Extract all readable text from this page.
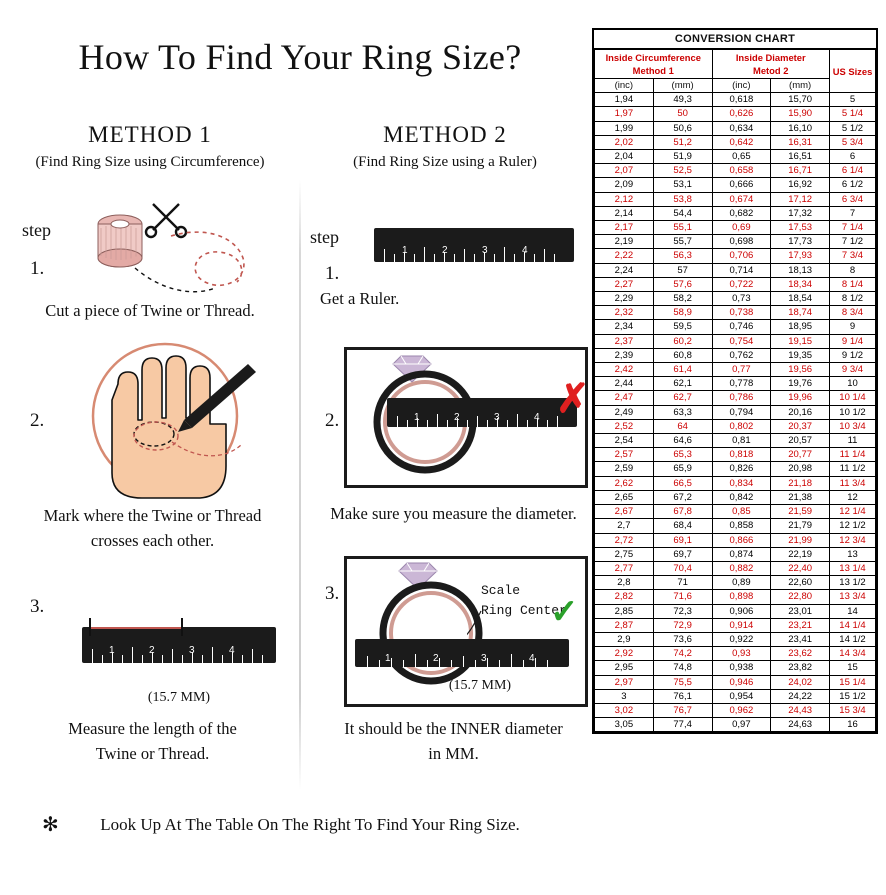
How To Find Your Ring Size?
METHOD 1
(Find Ring Size using Circumference)
METHOD 2
(Find Ring Size using a Ruler)
step
1.
Cut a piece of Twine or Thread.
2.
Mark where the Twine or Thread
crosses each other.
3.
1	2	3	4
(15.7 MM)
Measure the length of the
Twine or Thread.
step
1.
1	2	3	4
Get a Ruler.
2.	1	2	3	4 ✗
Make sure you measure the diameter.
3.
1	2	3	4
Scale
Ring Center
✓
(15.7 MM)
It should be the INNER diameter
in MM.
✻	Look Up At The Table On The Right To Find Your Ring Size.
CONVERSION CHART
Inside Circumference
Method 1		Inside Diameter
Metod 2		US Sizes
(inc)	(mm)	(inc)	(mm)	
1,94	49,3	0,618	15,70	5
1,97	50	0,626	15,90	5 1/4
1,99	50,6	0,634	16,10	5 1/2
2,02	51,2	0,642	16,31	5 3/4
2,04	51,9	0,65	16,51	6
2,07	52,5	0,658	16,71	6 1/4
2,09	53,1	0,666	16,92	6 1/2
2,12	53,8	0,674	17,12	6 3/4
2,14	54,4	0,682	17,32	7
2,17	55,1	0,69	17,53	7 1/4
2,19	55,7	0,698	17,73	7 1/2
2,22	56,3	0,706	17,93	7 3/4
2,24	57	0,714	18,13	8
2,27	57,6	0,722	18,34	8 1/4
2,29	58,2	0,73	18,54	8 1/2
2,32	58,9	0,738	18,74	8 3/4
2,34	59,5	0,746	18,95	9
2,37	60,2	0,754	19,15	9 1/4
2,39	60,8	0,762	19,35	9 1/2
2,42	61,4	0,77	19,56	9 3/4
2,44	62,1	0,778	19,76	10
2,47	62,7	0,786	19,96	10 1/4
2,49	63,3	0,794	20,16	10 1/2
2,52	64	0,802	20,37	10 3/4
2,54	64,6	0,81	20,57	11
2,57	65,3	0,818	20,77	11 1/4
2,59	65,9	0,826	20,98	11 1/2
2,62	66,5	0,834	21,18	11 3/4
2,65	67,2	0,842	21,38	12
2,67	67,8	0,85	21,59	12 1/4
2,7	68,4	0,858	21,79	12 1/2
2,72	69,1	0,866	21,99	12 3/4
2,75	69,7	0,874	22,19	13
2,77	70,4	0,882	22,40	13 1/4
2,8	71	0,89	22,60	13 1/2
2,82	71,6	0,898	22,80	13 3/4
2,85	72,3	0,906	23,01	14
2,87	72,9	0,914	23,21	14 1/4
2,9	73,6	0,922	23,41	14 1/2
2,92	74,2	0,93	23,62	14 3/4
2,95	74,8	0,938	23,82	15
2,97	75,5	0,946	24,02	15 1/4
3	76,1	0,954	24,22	15 1/2
3,02	76,7	0,962	24,43	15 3/4
3,05	77,4	0,97	24,63	16
